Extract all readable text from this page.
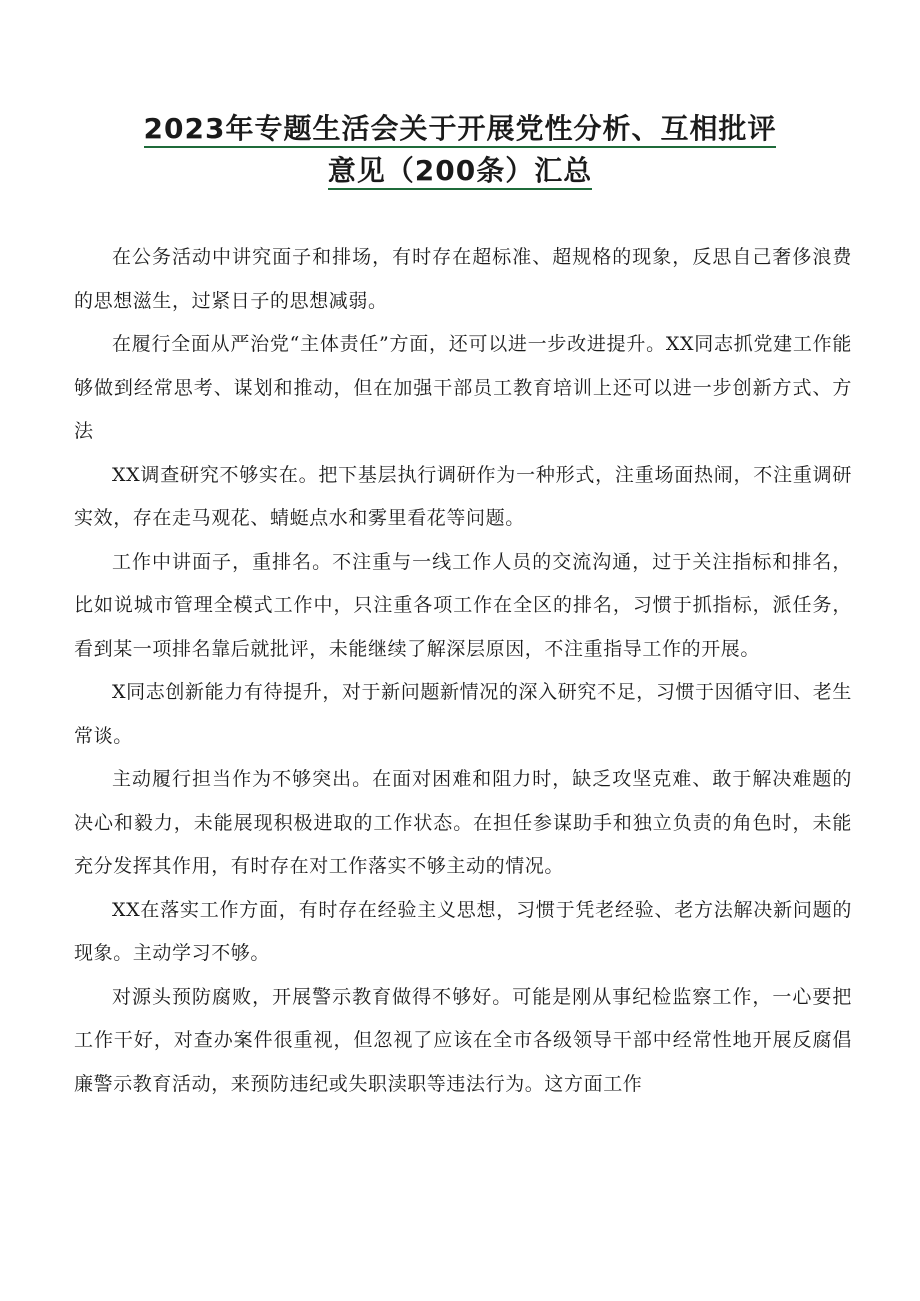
2023年专题生活会关于开展党性分析、互相批评
意见（200条）汇总

在公务活动中讲究面子和排场，有时存在超标准、超规格的现象，反思自己奢侈浪费的思想滋生，过紧日子的思想减弱。

在履行全面从严治党“主体责任”方面，还可以进一步改进提升。XX同志抓党建工作能够做到经常思考、谋划和推动，但在加强干部员工教育培训上还可以进一步创新方式、方法

XX调查研究不够实在。把下基层执行调研作为一种形式，注重场面热闹，不注重调研实效，存在走马观花、蜻蜓点水和雾里看花等问题。

工作中讲面子，重排名。不注重与一线工作人员的交流沟通，过于关注指标和排名，比如说城市管理全模式工作中，只注重各项工作在全区的排名，习惯于抓指标，派任务，看到某一项排名靠后就批评，未能继续了解深层原因，不注重指导工作的开展。

X同志创新能力有待提升，对于新问题新情况的深入研究不足，习惯于因循守旧、老生常谈。

主动履行担当作为不够突出。在面对困难和阻力时，缺乏攻坚克难、敢于解决难题的决心和毅力，未能展现积极进取的工作状态。在担任参谋助手和独立负责的角色时，未能充分发挥其作用，有时存在对工作落实不够主动的情况。

XX在落实工作方面，有时存在经验主义思想，习惯于凭老经验、老方法解决新问题的现象。主动学习不够。

对源头预防腐败，开展警示教育做得不够好。可能是刚从事纪检监察工作，一心要把工作干好，对查办案件很重视，但忽视了应该在全市各级领导干部中经常性地开展反腐倡廉警示教育活动，来预防违纪或失职渎职等违法行为。这方面工作
